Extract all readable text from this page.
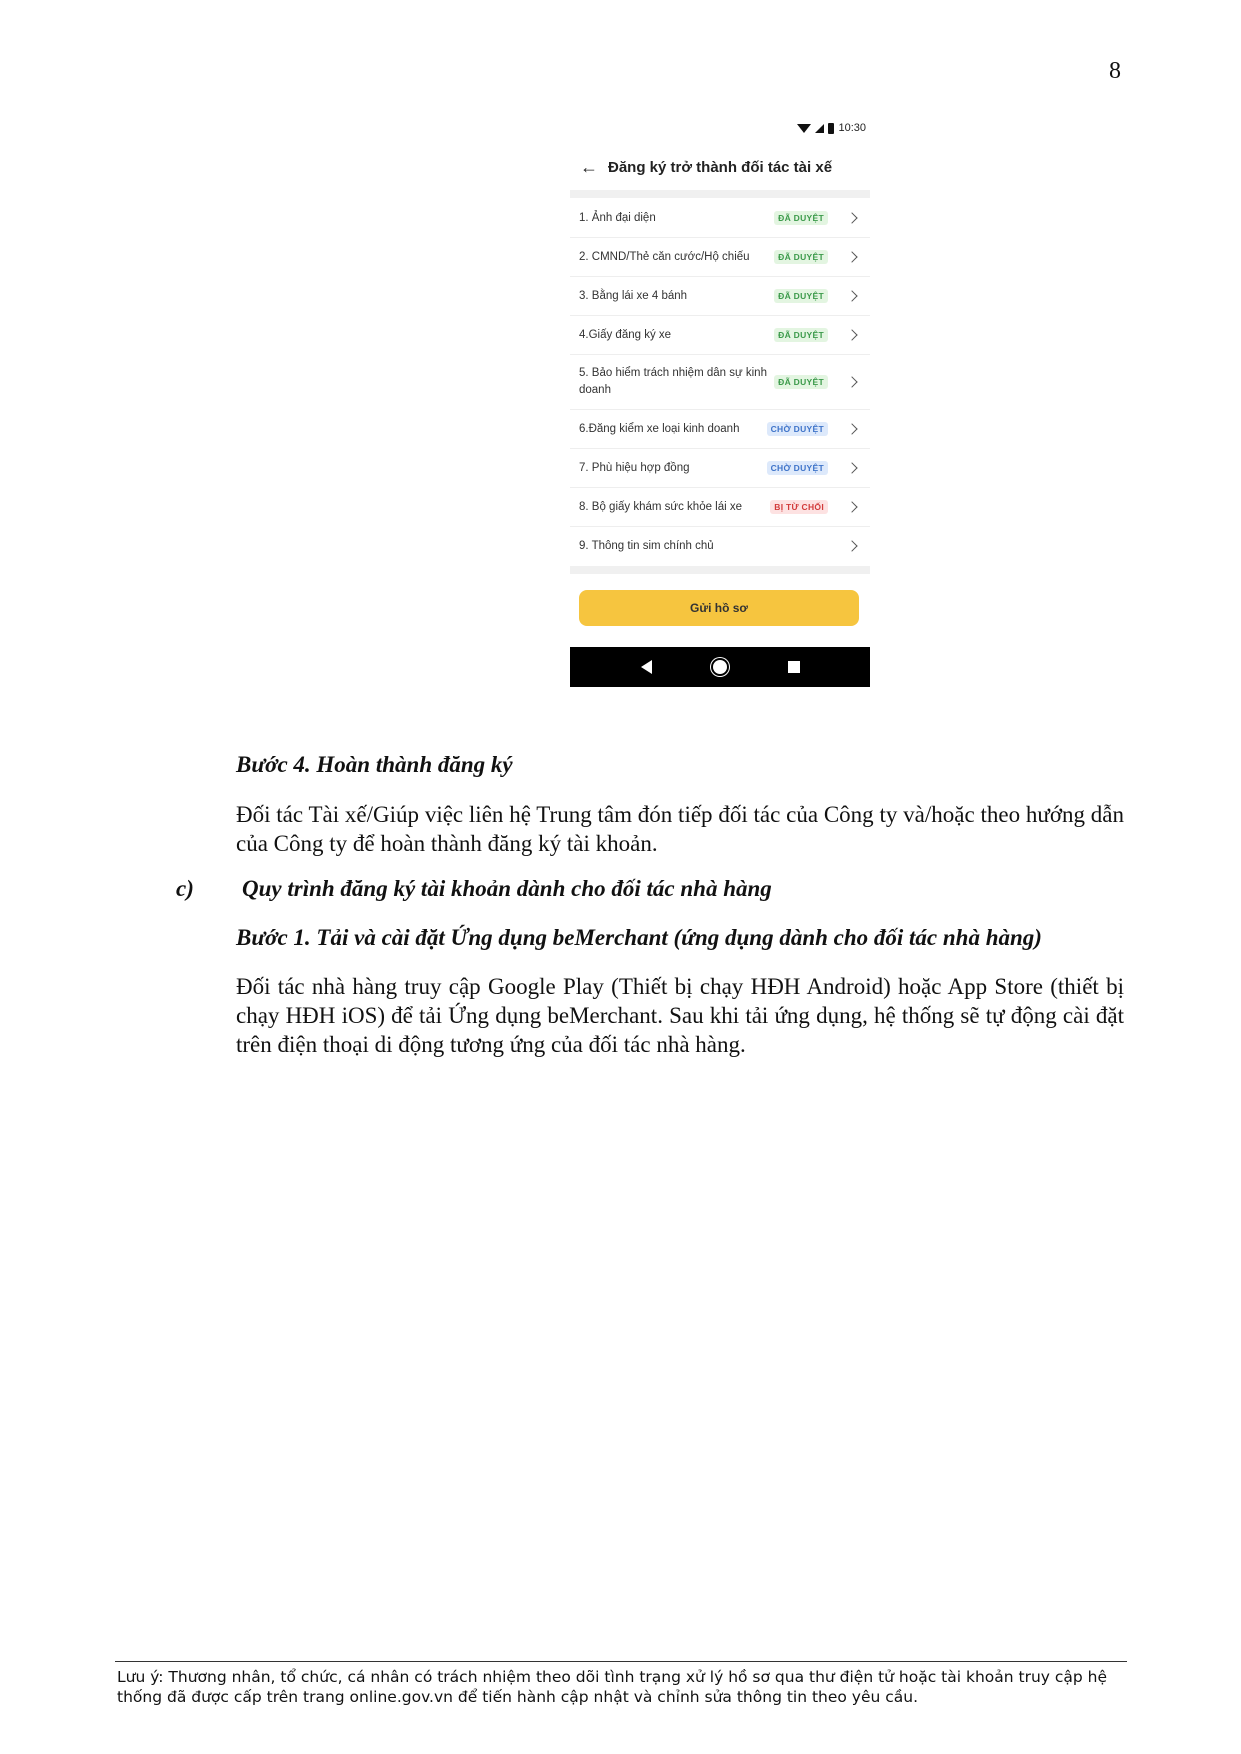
8
10:30
← Đăng ký trở thành đối tác tài xế
1. Ảnh đại diện	ĐÃ DUYỆT
2. CMND/Thẻ căn cước/Hộ chiếu	ĐÃ DUYỆT
3. Bằng lái xe 4 bánh	ĐÃ DUYỆT
4.Giấy đăng ký xe	ĐÃ DUYỆT
5. Bảo hiểm trách nhiệm dân sự kinh doanh
ĐÃ DUYỆT
6.Đăng kiểm xe loại kinh doanh	CHỜ DUYỆT
7. Phù hiệu hợp đồng	CHỜ DUYỆT
8. Bộ giấy khám sức khỏe lái xe	BỊ TỪ CHỐI
9. Thông tin sim chính chủ
Gửi hồ sơ
Bước 4. Hoàn thành đăng ký
Đối tác Tài xế/Giúp việc liên hệ Trung tâm đón tiếp đối tác của Công ty và/hoặc theo hướng dẫn của Công ty để hoàn thành đăng ký tài khoản.
c)	Quy trình đăng ký tài khoản dành cho đối tác nhà hàng
Bước 1. Tải và cài đặt Ứng dụng beMerchant (ứng dụng dành cho đối tác nhà hàng)
Đối tác nhà hàng truy cập Google Play (Thiết bị chạy HĐH Android) hoặc App Store (thiết bị chạy HĐH iOS) để tải Ứng dụng beMerchant. Sau khi tải ứng dụng, hệ thống sẽ tự động cài đặt trên điện thoại di động tương ứng của đối tác nhà hàng.
Lưu ý: Thương nhân, tổ chức, cá nhân có trách nhiệm theo dõi tình trạng xử lý hồ sơ qua thư điện tử hoặc tài khoản truy cập hệ thống đã được cấp trên trang online.gov.vn để tiến hành cập nhật và chỉnh sửa thông tin theo yêu cầu.
